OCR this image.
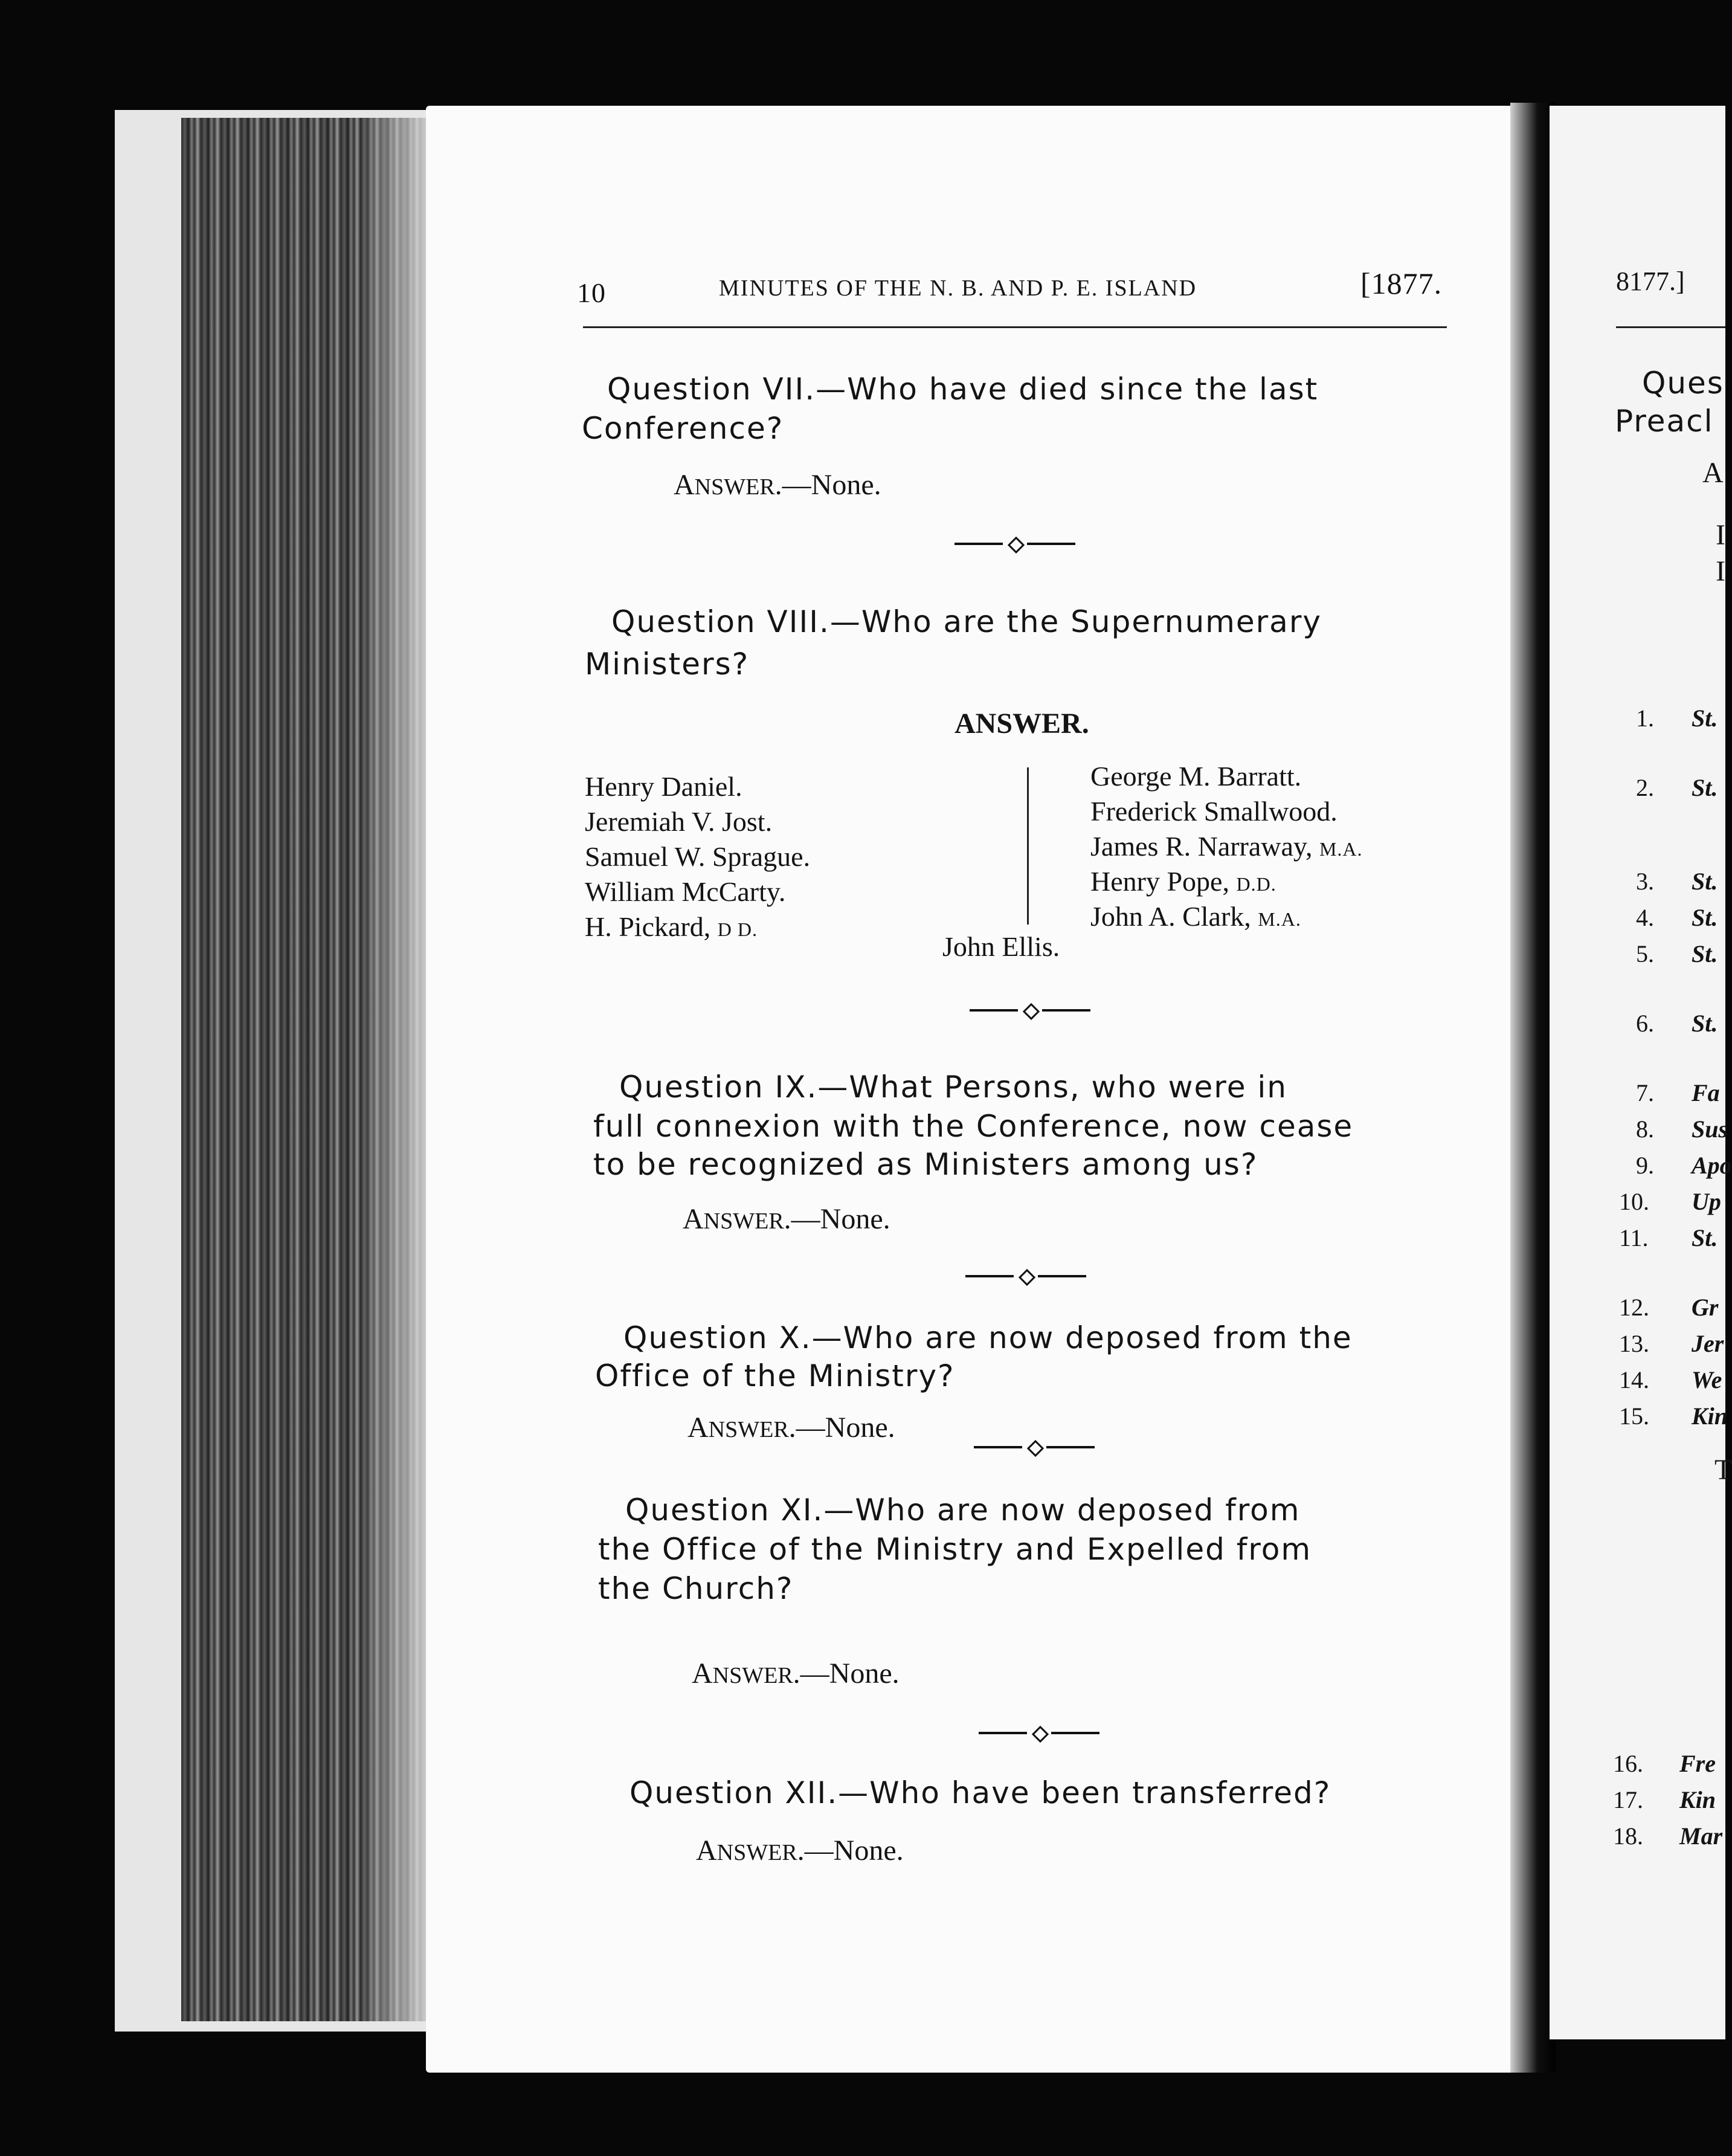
10	MINUTES OF THE N. B. AND P. E. ISLAND	[1877.
Question VII.—Who have died since the last
Conference?
ANSWER.—None.
Question VIII.—Who are the Supernumerary
Ministers?
ANSWER.
Henry Daniel.
Jeremiah V. Jost.
Samuel W. Sprague.
William McCarty.
H. Pickard, D D.
George M. Barratt.
Frederick Smallwood.
James R. Narraway, M.A.
Henry Pope, D.D.
John A. Clark, M.A.
John Ellis.
Question IX.—What Persons, who were in
full connexion with the Conference, now cease
to be recognized as Ministers among us?
ANSWER.—None.
Question X.—Who are now deposed from the
Office of the Ministry?
ANSWER.—None.
Question XI.—Who are now deposed from
the Office of the Ministry and Expelled from
the Church?
ANSWER.—None.
Question XII.—Who have been transferred?
ANSWER.—None.
8177.]
Ques
Preacl
A
I
I
T
1. St.
2. St.
3. St.
4. St.
5. St.
6. St.
7. Fa
8. Sus
9. Apo
10. Up
11. St.
12. Gr
13. Jer
14. We
15. Kin
16. Fre
17. Kin
18. Mar
